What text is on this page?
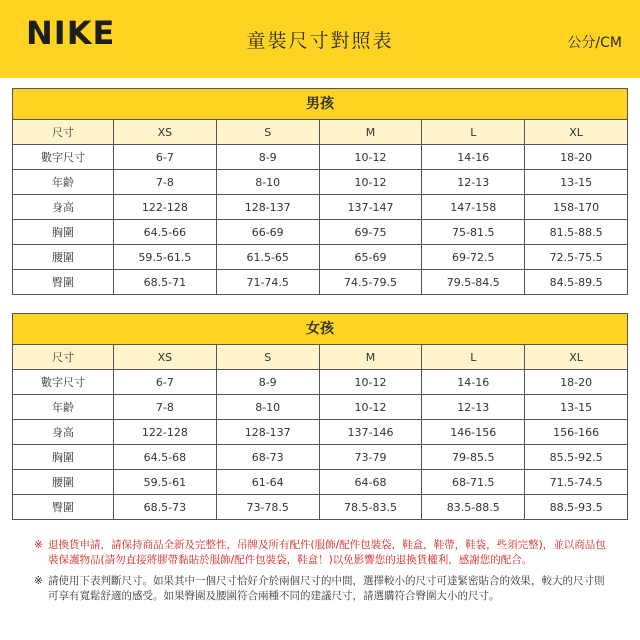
NIKE	童裝尺寸對照表	公分/CM
男孩
尺寸	XS	S	M	L	XL
數字尺寸	6-7	8-9	10-12	14-16	18-20
年齡	7-8	8-10	10-12	12-13	13-15
身高	122-128	128-137	137-147	147-158	158-170
胸圍	64.5-66	66-69	69-75	75-81.5	81.5-88.5
腰圍	59.5-61.5	61.5-65	65-69	69-72.5	72.5-75.5
臀圍	68.5-71	71-74.5	74.5-79.5	79.5-84.5	84.5-89.5
女孩
尺寸	XS	S	M	L	XL
數字尺寸	6-7	8-9	10-12	14-16	18-20
年齡	7-8	8-10	10-12	12-13	13-15
身高	122-128	128-137	137-146	146-156	156-166
胸圍	64.5-68	68-73	73-79	79-85.5	85.5-92.5
腰圍	59.5-61	61-64	64-68	68-71.5	71.5-74.5
臀圍	68.5-73	73-78.5	78.5-83.5	83.5-88.5	88.5-93.5
※ 退換貨申請，請保持商品全新及完整性，吊牌及所有配件(服飾/配件包裝袋，鞋盒，鞋帶，鞋袋，些須完整)，並以商品包裝保護物品(請勿直接將膠帶黏貼於服飾/配件包裝袋，鞋盒！)以免影響您的退換貨權利，感謝您的配合。
※ 請使用下表判斷尺寸。如果其中一個尺寸恰好介於兩個尺寸的中間，選擇較小的尺寸可達緊密貼合的效果，較大的尺寸則可享有寬鬆舒適的感受。如果臀圍及腰圍符合兩種不同的建議尺寸，請選購符合臀圍大小的尺寸。
